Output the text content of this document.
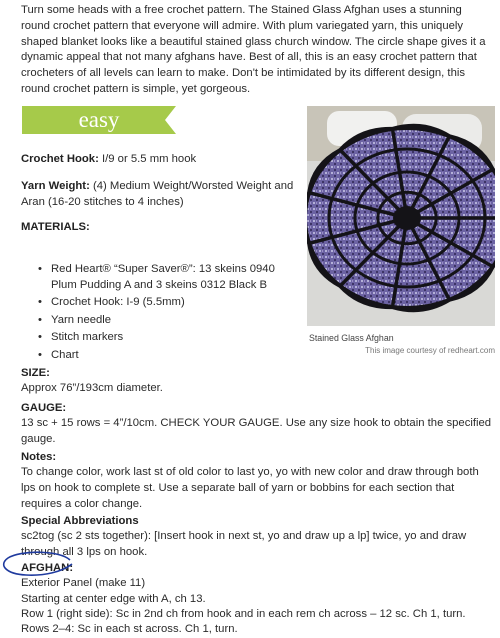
Turn some heads with a free crochet pattern. The Stained Glass Afghan uses a stunning round crochet pattern that everyone will admire. With plum variegated yarn, this uniquely shaped blanket looks like a beautiful stained glass church window. The circle shape gives it a dynamic appeal that not many afghans have. Best of all, this is an easy crochet pattern that crocheters of all levels can learn to make. Don't be intimidated by its different design, this round crochet pattern is simple, yet gorgeous.

easy

Crochet Hook: I/9 or 5.5 mm hook

Yarn Weight: (4) Medium Weight/Worsted Weight and Aran (16-20 stitches to 4 inches)

MATERIALS:

• Red Heart® “Super Saver®”: 13 skeins 0940 Plum Pudding A and 3 skeins 0312 Black B
• Crochet Hook: I-9 (5.5mm)
• Yarn needle
• Stitch markers
• Chart
Stained Glass Afghan
This image courtesy of redheart.com

SIZE:

Approx 76”/193cm diameter.

GAUGE:

13 sc + 15 rows = 4”/10cm. CHECK YOUR GAUGE. Use any size hook to obtain the specified gauge.

Notes:

To change color, work last st of old color to last yo, yo with new color and draw through both lps on hook to complete st. Use a separate ball of yarn or bobbins for each section that requires a color change.

Special Abbreviations

sc2tog (sc 2 sts together): [Insert hook in next st, yo and draw up a lp] twice, yo and draw through all 3 lps on hook.

AFGHAN:

Exterior Panel (make 11)

Starting at center edge with A, ch 13.

Row 1 (right side): Sc in 2nd ch from hook and in each rem ch across – 12 sc. Ch 1, turn.

Rows 2–4: Sc in each st across. Ch 1, turn.
